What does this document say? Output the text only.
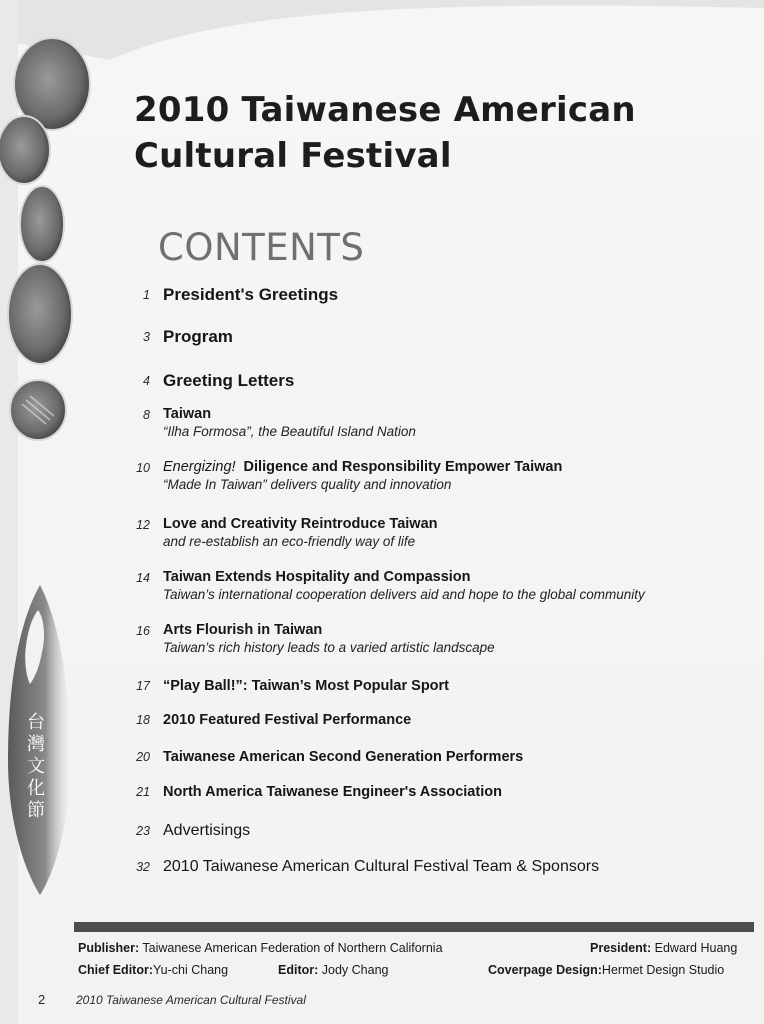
台
灣
文
化
節
2010 Taiwanese American
Cultural Festival
CONTENTS
1 President's Greetings
3 Program
4 Greeting Letters
8 Taiwan
“Ilha Formosa”, the Beautiful Island Nation
10 Energizing! Diligence and Responsibility Empower Taiwan
“Made In Taiwan” delivers quality and innovation
12 Love and Creativity Reintroduce Taiwan
and re-establish an eco-friendly way of life
14 Taiwan Extends Hospitality and Compassion
Taiwan’s international cooperation delivers aid and hope to the global community
16 Arts Flourish in Taiwan
Taiwan’s rich history leads to a varied artistic landscape
17 “Play Ball!”: Taiwan’s Most Popular Sport
18 2010 Featured Festival Performance
20 Taiwanese American Second Generation Performers
21 North America Taiwanese Engineer's Association
23 Advertisings
32 2010 Taiwanese American Cultural Festival Team & Sponsors
Publisher: Taiwanese American Federation of Northern California	President: Edward Huang
Chief Editor:Yu-chi Chang	Editor: Jody Chang	Coverpage Design:Hermet Design Studio
2	2010 Taiwanese American Cultural Festival
